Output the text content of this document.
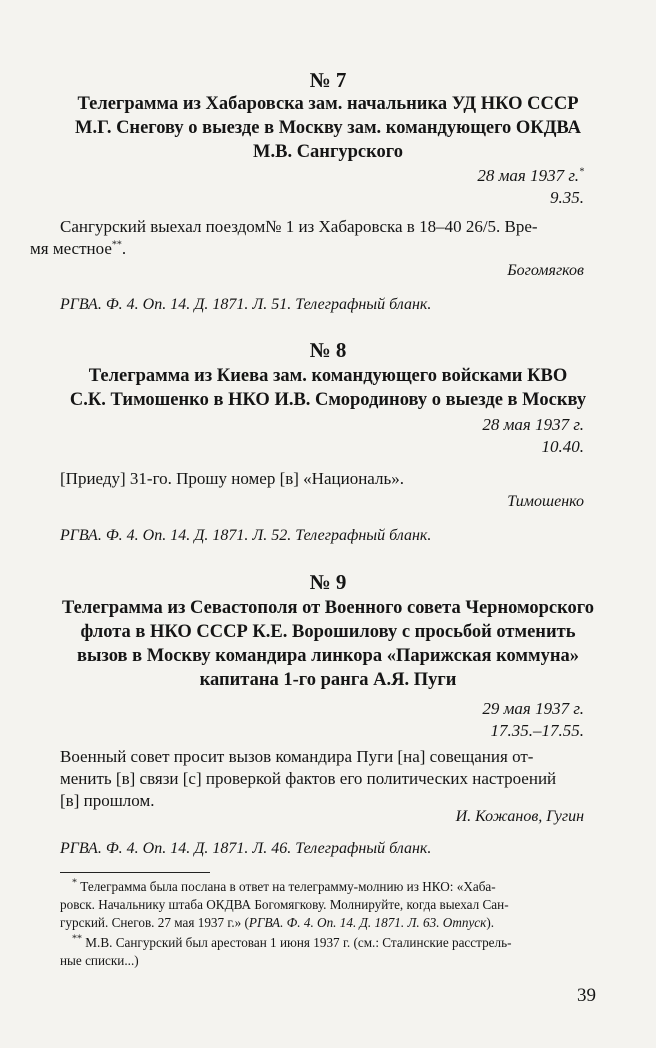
№ 7
Телеграмма из Хабаровска зам. начальника УД НКО СССР
М.Г. Снегову о выезде в Москву зам. командующего ОКДВА
М.В. Сангурского
28 мая 1937 г.*
9.35.
Сангурский выехал поездом№ 1 из Хабаровска в 18–40 26/5. Вре-
мя местное**.
Богомягков
РГВА. Ф. 4. Оп. 14. Д. 1871. Л. 51. Телеграфный бланк.
№ 8
Телеграмма из Киева зам. командующего войсками КВО
С.К. Тимошенко в НКО И.В. Смородинову о выезде в Москву
28 мая 1937 г.
10.40.
[Приеду] 31-го. Прошу номер [в] «Националь».
Тимошенко
РГВА. Ф. 4. Оп. 14. Д. 1871. Л. 52. Телеграфный бланк.
№ 9
Телеграмма из Севастополя от Военного совета Черноморского
флота в НКО СССР К.Е. Ворошилову с просьбой отменить
вызов в Москву командира линкора «Парижская коммуна»
капитана 1-го ранга А.Я. Пуги
29 мая 1937 г.
17.35.–17.55.
Военный совет просит вызов командира Пуги [на] совещания от-
менить [в] связи [с] проверкой фактов его политических настроений
[в] прошлом.
И. Кожанов, Гугин
РГВА. Ф. 4. Оп. 14. Д. 1871. Л. 46. Телеграфный бланк.
* Телеграмма была послана в ответ на телеграмму-молнию из НКО: «Хаба-
ровск. Начальнику штаба ОКДВА Богомягкову. Молнируйте, когда выехал Сан-
гурский. Снегов. 27 мая 1937 г.» (РГВА. Ф. 4. Оп. 14. Д. 1871. Л. 63. Отпуск).
** М.В. Сангурский был арестован 1 июня 1937 г. (см.: Сталинские расстрель-
ные списки...)
39
